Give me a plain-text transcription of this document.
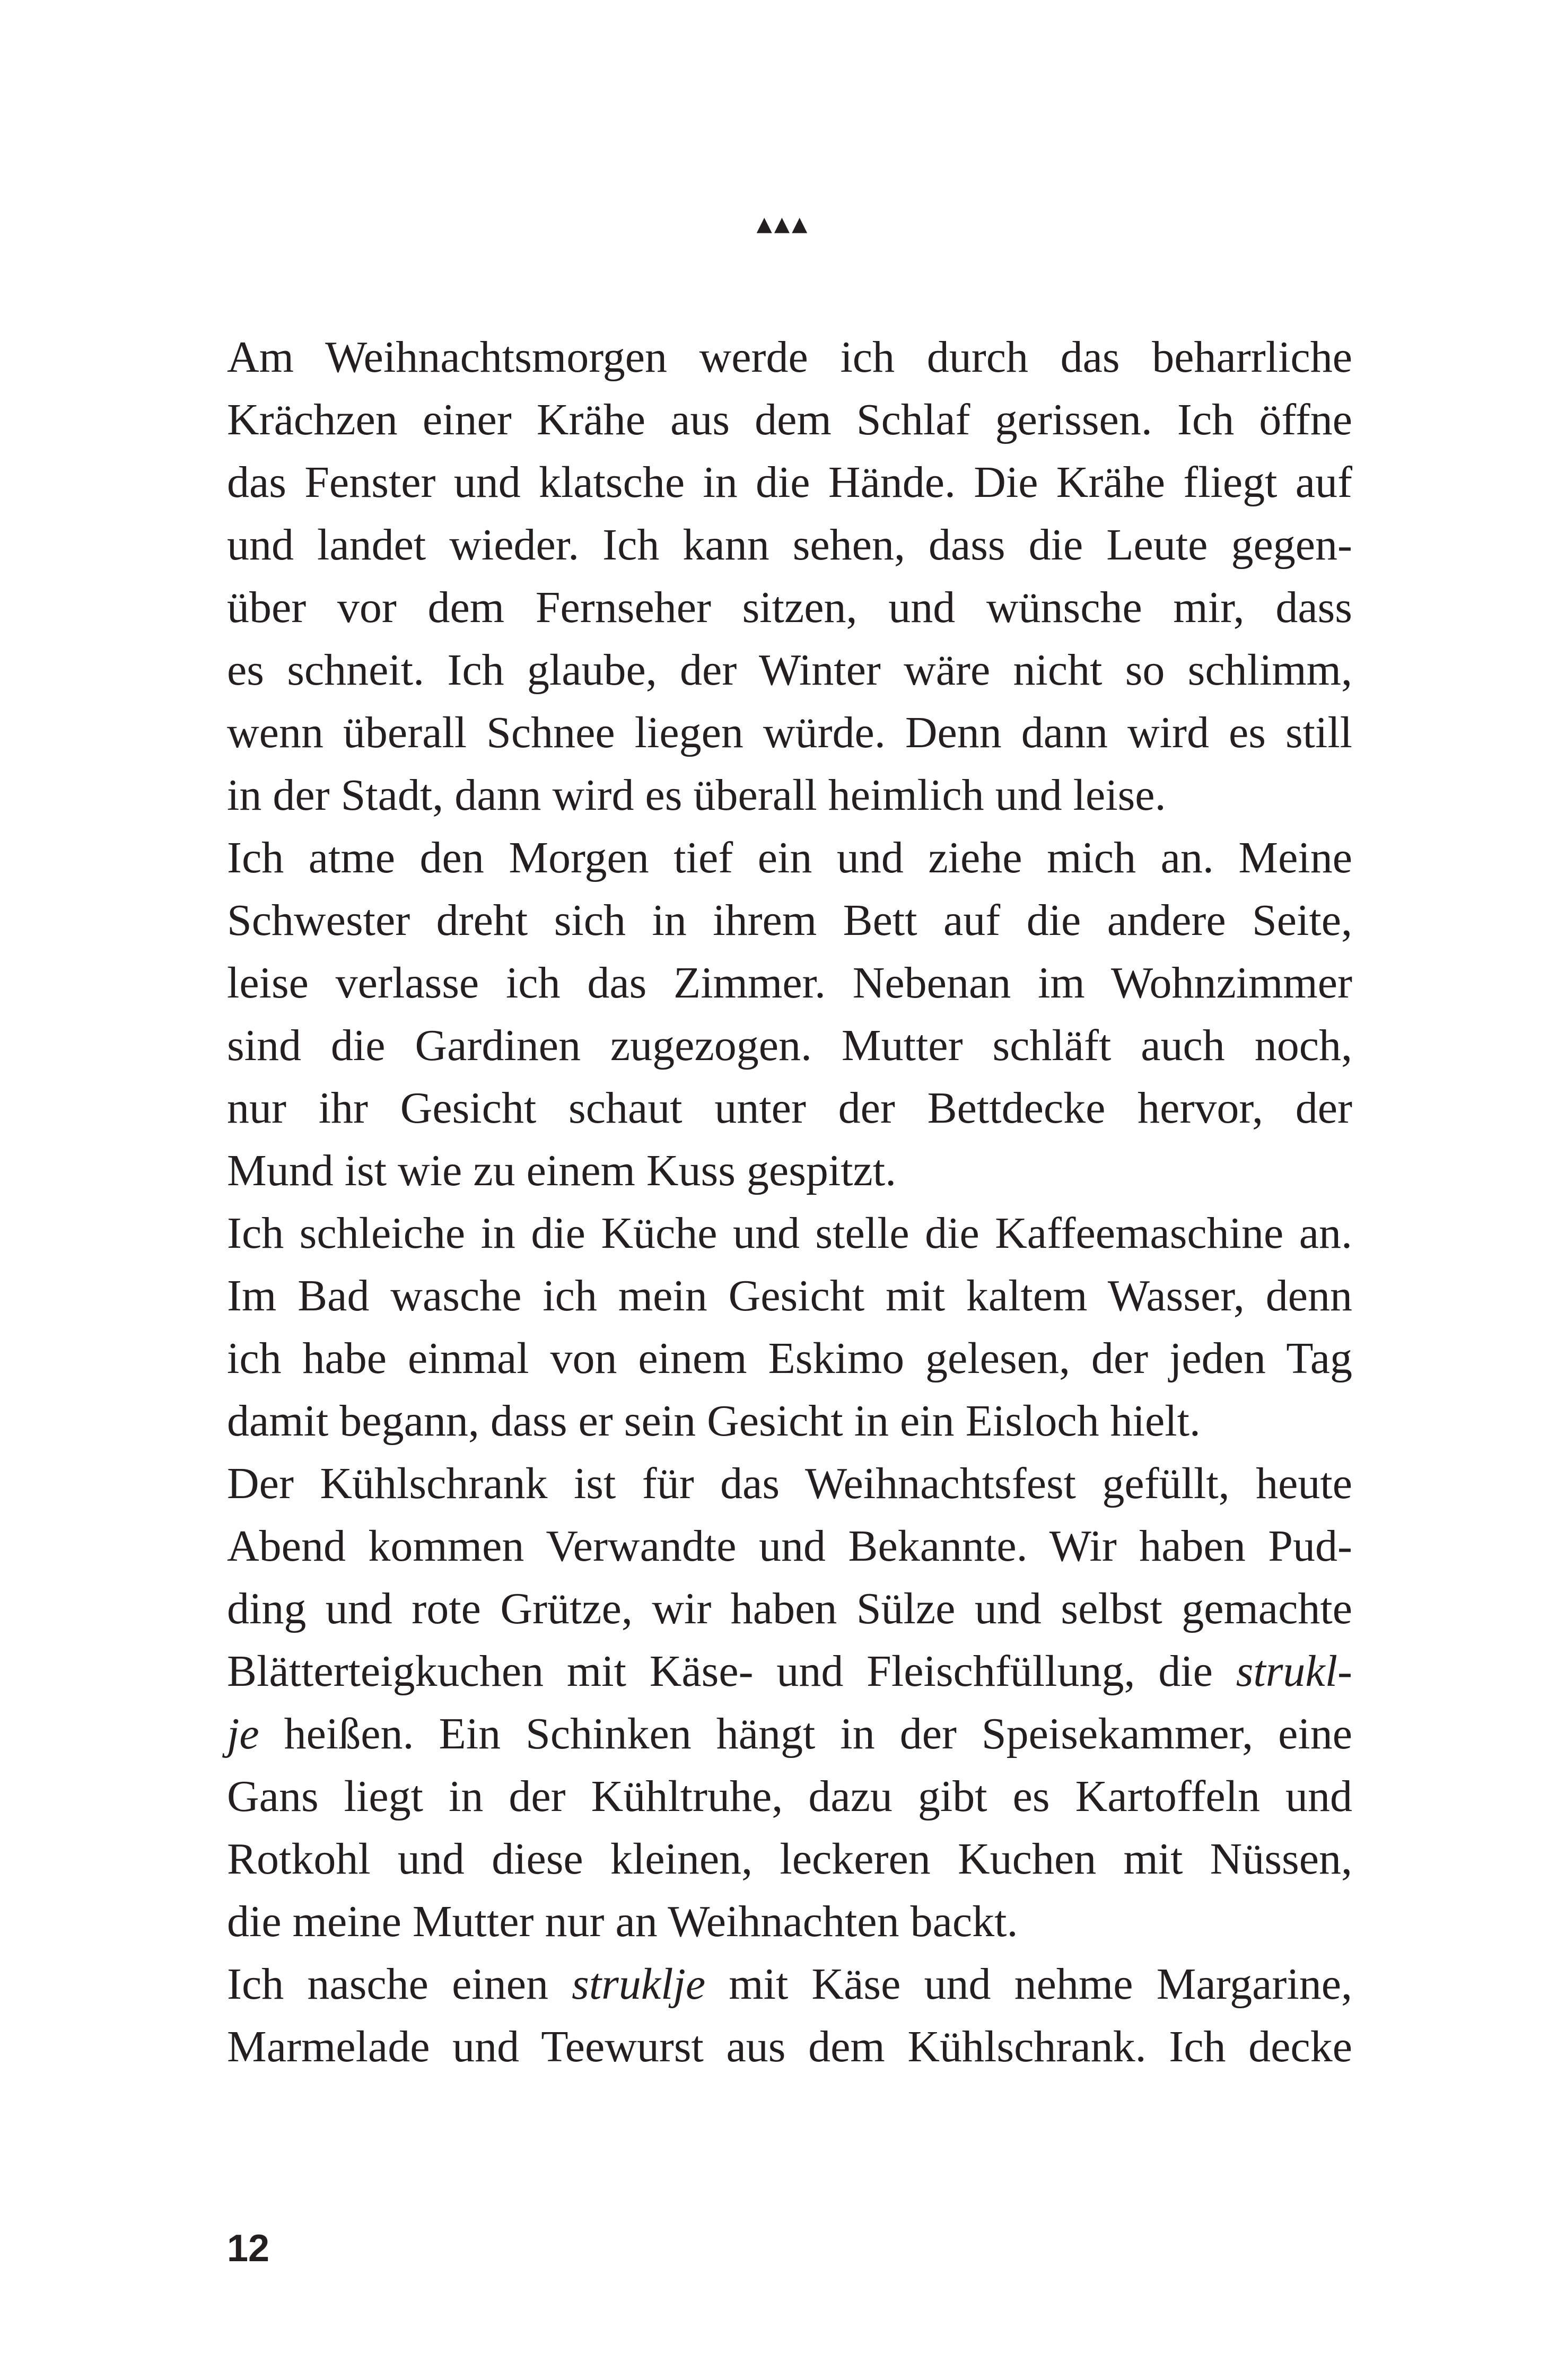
▲▲▲
Am Weihnachtsmorgen werde ich durch das beharrliche
Krächzen einer Krähe aus dem Schlaf gerissen. Ich öffne
das Fenster und klatsche in die Hände. Die Krähe fliegt auf
und landet wieder. Ich kann sehen, dass die Leute gegen-
über vor dem Fernseher sitzen, und wünsche mir, dass
es schneit. Ich glaube, der Winter wäre nicht so schlimm,
wenn überall Schnee liegen würde. Denn dann wird es still
in der Stadt, dann wird es überall heimlich und leise.
Ich atme den Morgen tief ein und ziehe mich an. Meine
Schwester dreht sich in ihrem Bett auf die andere Seite,
leise verlasse ich das Zimmer. Nebenan im Wohnzimmer
sind die Gardinen zugezogen. Mutter schläft auch noch,
nur ihr Gesicht schaut unter der Bettdecke hervor, der
Mund ist wie zu einem Kuss gespitzt.
Ich schleiche in die Küche und stelle die Kaffeemaschine an.
Im Bad wasche ich mein Gesicht mit kaltem Wasser, denn
ich habe einmal von einem Eskimo gelesen, der jeden Tag
damit begann, dass er sein Gesicht in ein Eisloch hielt.
Der Kühlschrank ist für das Weihnachtsfest gefüllt, heute
Abend kommen Verwandte und Bekannte. Wir haben Pud-
ding und rote Grütze, wir haben Sülze und selbst gemachte
Blätterteigkuchen mit Käse- und Fleischfüllung, die strukl-
je heißen. Ein Schinken hängt in der Speisekammer, eine
Gans liegt in der Kühltruhe, dazu gibt es Kartoffeln und
Rotkohl und diese kleinen, leckeren Kuchen mit Nüssen,
die meine Mutter nur an Weihnachten backt.
Ich nasche einen struklje mit Käse und nehme Margarine,
Marmelade und Teewurst aus dem Kühlschrank. Ich decke
12
